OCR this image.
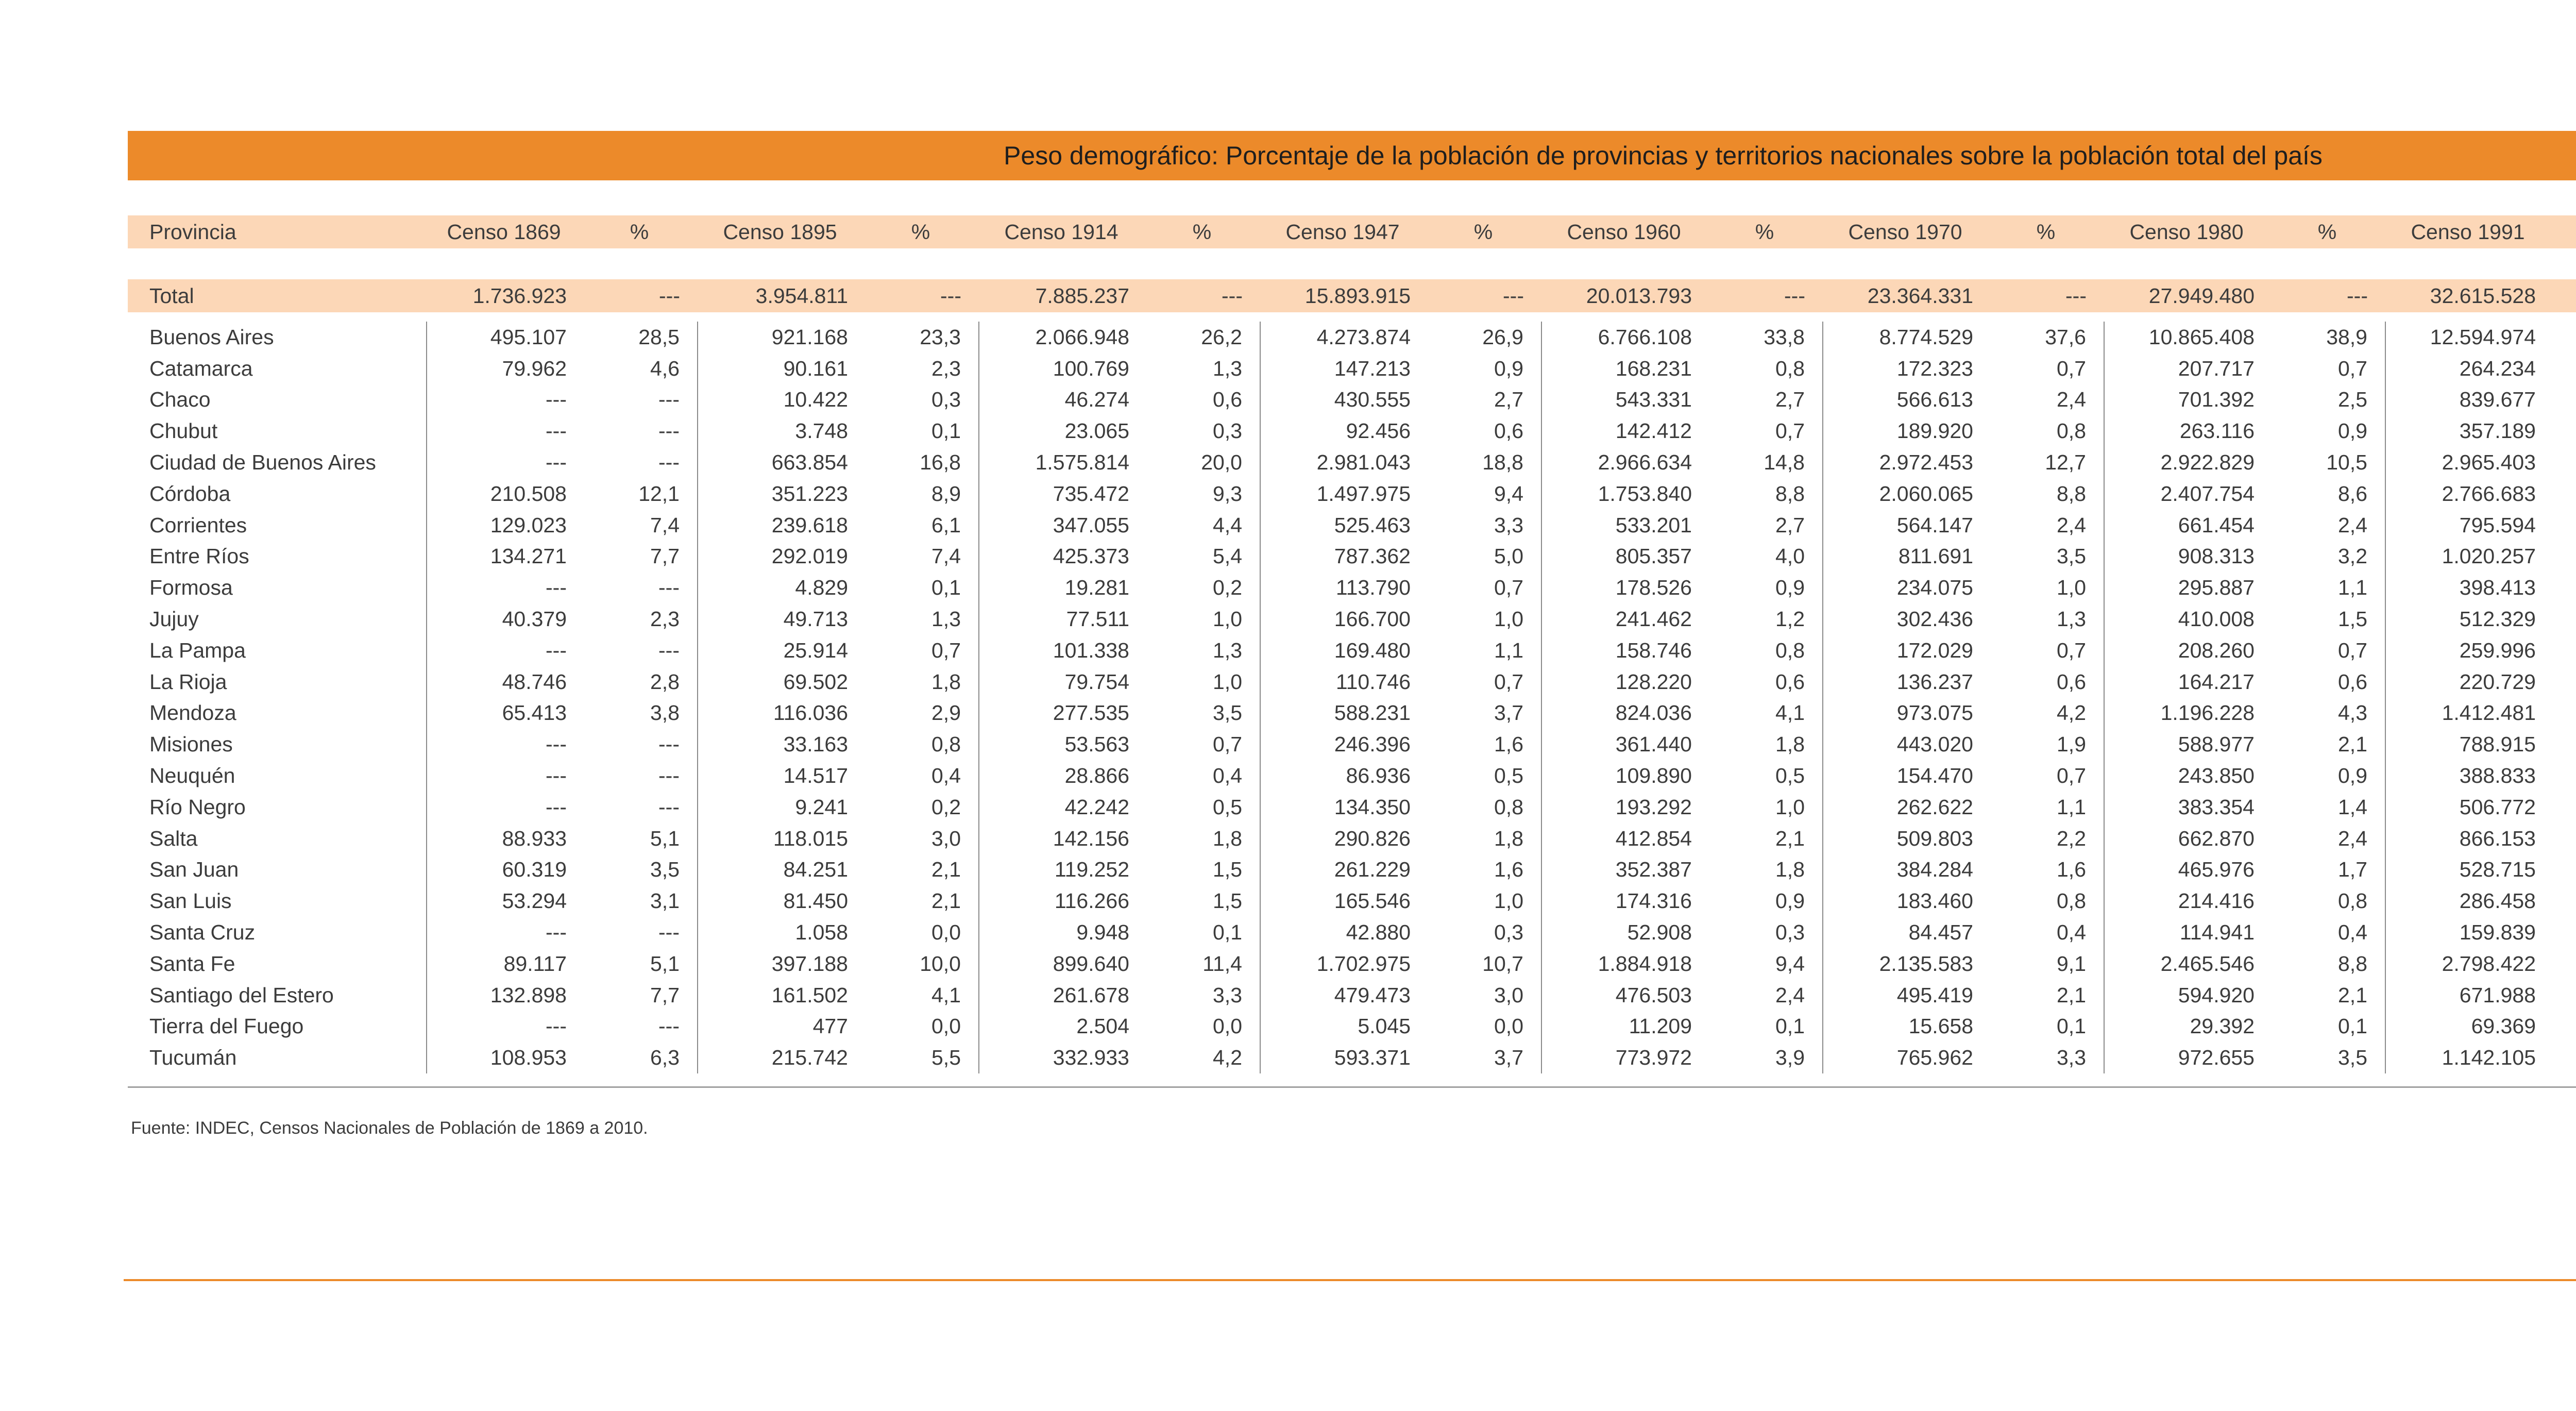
Peso demográfico: Porcentaje de la población de provincias y territorios nacionales sobre la población total del país
Provincia	Censo 1869	%	Censo 1895	%	Censo 1914	%	Censo 1947	%	Censo 1960	%	Censo 1970	%	Censo 1980	%	Censo 1991					

Total	1.736.923	---	3.954.811	---	7.885.237	---	15.893.915	---	20.013.793	---	23.364.331	---	27.949.480	---	32.615.528					

Buenos Aires	495.107	28,5	921.168	23,3	2.066.948	26,2	4.273.874	26,9	6.766.108	33,8	8.774.529	37,6	10.865.408	38,9	12.594.974					
Catamarca	79.962	4,6	90.161	2,3	100.769	1,3	147.213	0,9	168.231	0,8	172.323	0,7	207.717	0,7	264.234					
Chaco	---	---	10.422	0,3	46.274	0,6	430.555	2,7	543.331	2,7	566.613	2,4	701.392	2,5	839.677					
Chubut	---	---	3.748	0,1	23.065	0,3	92.456	0,6	142.412	0,7	189.920	0,8	263.116	0,9	357.189					
Ciudad de Buenos Aires	---	---	663.854	16,8	1.575.814	20,0	2.981.043	18,8	2.966.634	14,8	2.972.453	12,7	2.922.829	10,5	2.965.403					
Córdoba	210.508	12,1	351.223	8,9	735.472	9,3	1.497.975	9,4	1.753.840	8,8	2.060.065	8,8	2.407.754	8,6	2.766.683					
Corrientes	129.023	7,4	239.618	6,1	347.055	4,4	525.463	3,3	533.201	2,7	564.147	2,4	661.454	2,4	795.594					
Entre Ríos	134.271	7,7	292.019	7,4	425.373	5,4	787.362	5,0	805.357	4,0	811.691	3,5	908.313	3,2	1.020.257					
Formosa	---	---	4.829	0,1	19.281	0,2	113.790	0,7	178.526	0,9	234.075	1,0	295.887	1,1	398.413					
Jujuy	40.379	2,3	49.713	1,3	77.511	1,0	166.700	1,0	241.462	1,2	302.436	1,3	410.008	1,5	512.329					
La Pampa	---	---	25.914	0,7	101.338	1,3	169.480	1,1	158.746	0,8	172.029	0,7	208.260	0,7	259.996					
La Rioja	48.746	2,8	69.502	1,8	79.754	1,0	110.746	0,7	128.220	0,6	136.237	0,6	164.217	0,6	220.729					
Mendoza	65.413	3,8	116.036	2,9	277.535	3,5	588.231	3,7	824.036	4,1	973.075	4,2	1.196.228	4,3	1.412.481					
Misiones	---	---	33.163	0,8	53.563	0,7	246.396	1,6	361.440	1,8	443.020	1,9	588.977	2,1	788.915					
Neuquén	---	---	14.517	0,4	28.866	0,4	86.936	0,5	109.890	0,5	154.470	0,7	243.850	0,9	388.833					
Río Negro	---	---	9.241	0,2	42.242	0,5	134.350	0,8	193.292	1,0	262.622	1,1	383.354	1,4	506.772					
Salta	88.933	5,1	118.015	3,0	142.156	1,8	290.826	1,8	412.854	2,1	509.803	2,2	662.870	2,4	866.153					
San Juan	60.319	3,5	84.251	2,1	119.252	1,5	261.229	1,6	352.387	1,8	384.284	1,6	465.976	1,7	528.715					
San Luis	53.294	3,1	81.450	2,1	116.266	1,5	165.546	1,0	174.316	0,9	183.460	0,8	214.416	0,8	286.458					
Santa Cruz	---	---	1.058	0,0	9.948	0,1	42.880	0,3	52.908	0,3	84.457	0,4	114.941	0,4	159.839					
Santa Fe	89.117	5,1	397.188	10,0	899.640	11,4	1.702.975	10,7	1.884.918	9,4	2.135.583	9,1	2.465.546	8,8	2.798.422					
Santiago del Estero	132.898	7,7	161.502	4,1	261.678	3,3	479.473	3,0	476.503	2,4	495.419	2,1	594.920	2,1	671.988					
Tierra del Fuego	---	---	477	0,0	2.504	0,0	5.045	0,0	11.209	0,1	15.658	0,1	29.392	0,1	69.369					
Tucumán	108.953	6,3	215.742	5,5	332.933	4,2	593.371	3,7	773.972	3,9	765.962	3,3	972.655	3,5	1.142.105					
Fuente: INDEC, Censos Nacionales de Población de 1869 a 2010.
